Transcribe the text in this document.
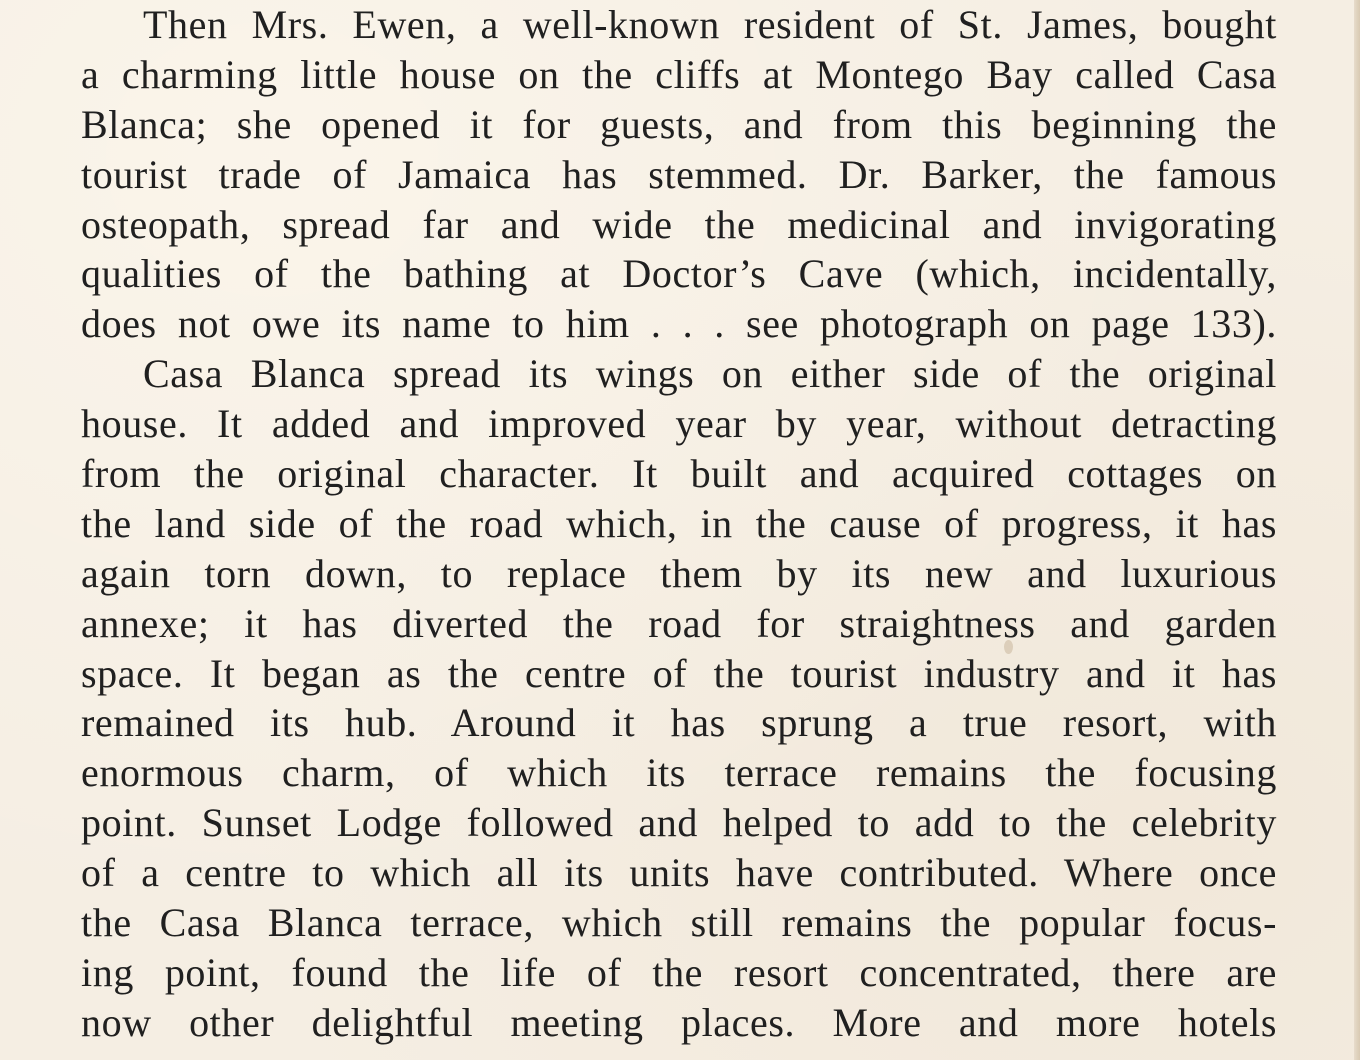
Then Mrs. Ewen, a well-known resident of St. James, bought
a charming little house on the cliffs at Montego Bay called Casa
Blanca; she opened it for guests, and from this beginning the
tourist trade of Jamaica has stemmed. Dr. Barker, the famous
osteopath, spread far and wide the medicinal and invigorating
qualities of the bathing at Doctor’s Cave (which, incidentally,
does not owe its name to him . . . see photograph on page 133).
Casa Blanca spread its wings on either side of the original
house. It added and improved year by year, without detracting
from the original character. It built and acquired cottages on
the land side of the road which, in the cause of progress, it has
again torn down, to replace them by its new and luxurious
annexe; it has diverted the road for straightness and garden
space. It began as the centre of the tourist industry and it has
remained its hub. Around it has sprung a true resort, with
enormous charm, of which its terrace remains the focusing
point. Sunset Lodge followed and helped to add to the celebrity
of a centre to which all its units have contributed. Where once
the Casa Blanca terrace, which still remains the popular focus-
ing point, found the life of the resort concentrated, there are
now other delightful meeting places. More and more hotels
